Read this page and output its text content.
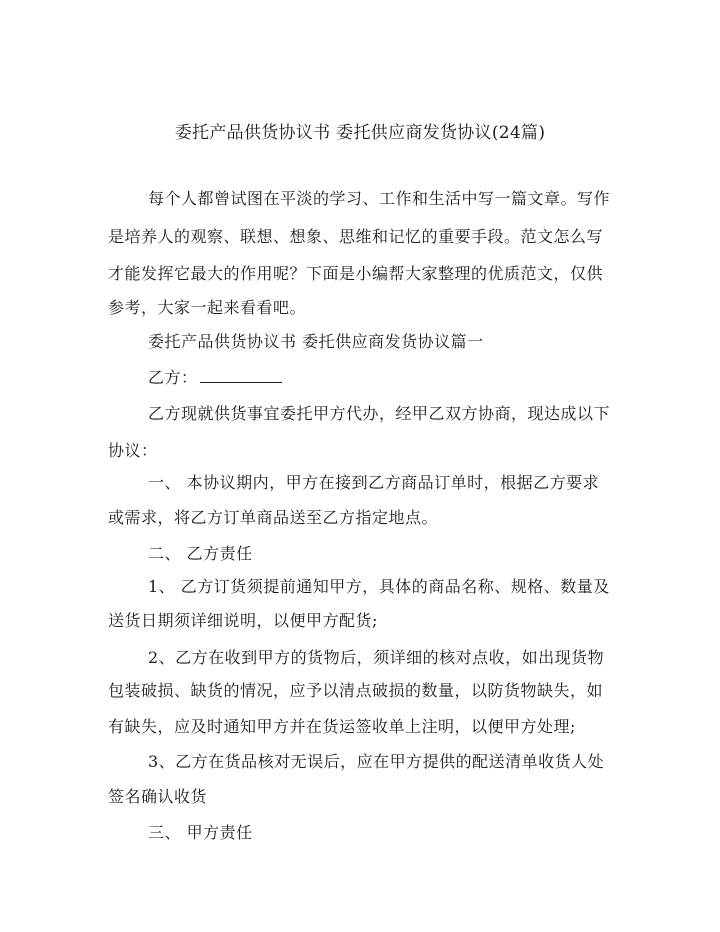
委托产品供货协议书 委托供应商发货协议(24篇)
每个人都曾试图在平淡的学习、工作和生活中写一篇文章。写作
是培养人的观察、联想、想象、思维和记忆的重要手段。范文怎么写
才能发挥它最大的作用呢？下面是小编帮大家整理的优质范文，仅供
参考，大家一起来看看吧。
委托产品供货协议书 委托供应商发货协议篇一
乙方：
乙方现就供货事宜委托甲方代办，经甲乙双方协商，现达成以下
协议：
一、 本协议期内，甲方在接到乙方商品订单时，根据乙方要求
或需求，将乙方订单商品送至乙方指定地点。
二、 乙方责任
1、 乙方订货须提前通知甲方，具体的商品名称、规格、数量及
送货日期须详细说明，以便甲方配货;
2、乙方在收到甲方的货物后，须详细的核对点收，如出现货物
包装破损、缺货的情况，应予以清点破损的数量，以防货物缺失，如
有缺失，应及时通知甲方并在货运签收单上注明，以便甲方处理;
3、乙方在货品核对无误后，应在甲方提供的配送清单收货人处
签名确认收货
三、 甲方责任
